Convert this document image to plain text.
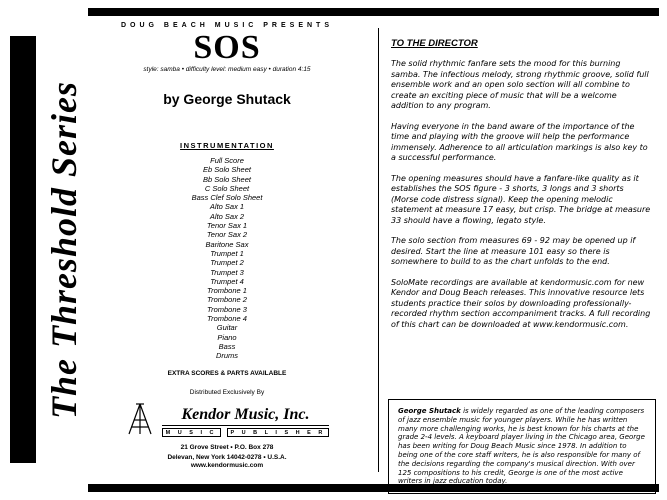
The Threshold Series
DOUG BEACH MUSIC PRESENTS
SOS
style: samba • difficulty level: medium easy • duration 4:15
by George Shutack
INSTRUMENTATION
Full Score
Eb Solo Sheet
Bb Solo Sheet
C Solo Sheet
Bass Clef Solo Sheet
Alto Sax 1
Alto Sax 2
Tenor Sax 1
Tenor Sax 2
Baritone Sax
Trumpet 1
Trumpet 2
Trumpet 3
Trumpet 4
Trombone 1
Trombone 2
Trombone 3
Trombone 4
Guitar
Piano
Bass
Drums
EXTRA SCORES & PARTS AVAILABLE
Distributed Exclusively By
Kendor Music, Inc.
M U S I C	P U B L I S H E R
21 Grove Street • P.O. Box 278
Delevan, New York 14042-0278 • U.S.A.
www.kendormusic.com
TO THE DIRECTOR

The solid rhythmic fanfare sets the mood for this burning samba. The infectious melody, strong rhythmic groove, solid full ensemble work and an open solo section will all combine to create an exciting piece of music that will be a welcome addition to any program.

Having everyone in the band aware of the importance of the time and playing with the groove will help the performance immensely. Adherence to all articulation markings is also key to a successful performance.

The opening measures should have a fanfare-like quality as it establishes the SOS figure - 3 shorts, 3 longs and 3 shorts (Morse code distress signal). Keep the opening melodic statement at measure 17 easy, but crisp. The bridge at measure 33 should have a flowing, legato style.

The solo section from measures 69 - 92 may be opened up if desired. Start the line at measure 101 easy so there is somewhere to build to as the chart unfolds to the end.

SoloMate recordings are available at kendormusic.com for new Kendor and Doug Beach releases. This innovative resource lets students practice their solos by downloading professionally-recorded rhythm section accompaniment tracks. A full recording of this chart can be downloaded at www.kendormusic.com.

George Shutack is widely regarded as one of the leading composers of jazz ensemble music for younger players. While he has written many more challenging works, he is best known for his charts at the grade 2-4 levels. A keyboard player living in the Chicago area, George has been writing for Doug Beach Music since 1978. In addition to being one of the core staff writers, he is also responsible for many of the decisions regarding the company's musical direction. With over 125 compositions to his credit, George is one of the most active writers in jazz education today.
